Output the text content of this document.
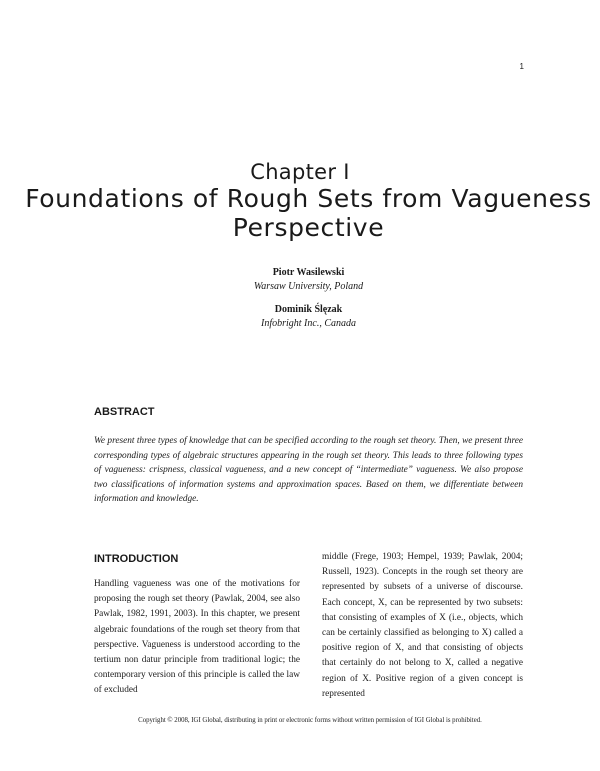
1
Chapter I
Foundations of Rough Sets from Vagueness Perspective
Piotr Wasilewski
Warsaw University, Poland
Dominik Ślęzak
Infobright Inc., Canada
ABSTRACT

We present three types of knowledge that can be specified according to the rough set theory. Then, we present three corresponding types of algebraic structures appearing in the rough set theory. This leads to three following types of vagueness: crispness, classical vagueness, and a new concept of “intermediate” vagueness. We also propose two classifications of information systems and approximation spaces. Based on them, we differentiate between information and knowledge.

INTRODUCTION

Handling vagueness was one of the motivations for proposing the rough set theory (Pawlak, 2004, see also Pawlak, 1982, 1991, 2003). In this chapter, we present algebraic foundations of the rough set theory from that perspective. Vagueness is understood according to the tertium non datur principle from traditional logic; the contemporary version of this principle is called the law of excluded

middle (Frege, 1903; Hempel, 1939; Pawlak, 2004; Russell, 1923). Concepts in the rough set theory are represented by subsets of a universe of discourse. Each concept, X, can be represented by two subsets: that consisting of examples of X (i.e., objects, which can be certainly classified as belonging to X) called a positive region of X, and that consisting of objects that certainly do not belong to X, called a negative region of X. Positive region of a given concept is represented

Copyright © 2008, IGI Global, distributing in print or electronic forms without written permission of IGI Global is prohibited.
